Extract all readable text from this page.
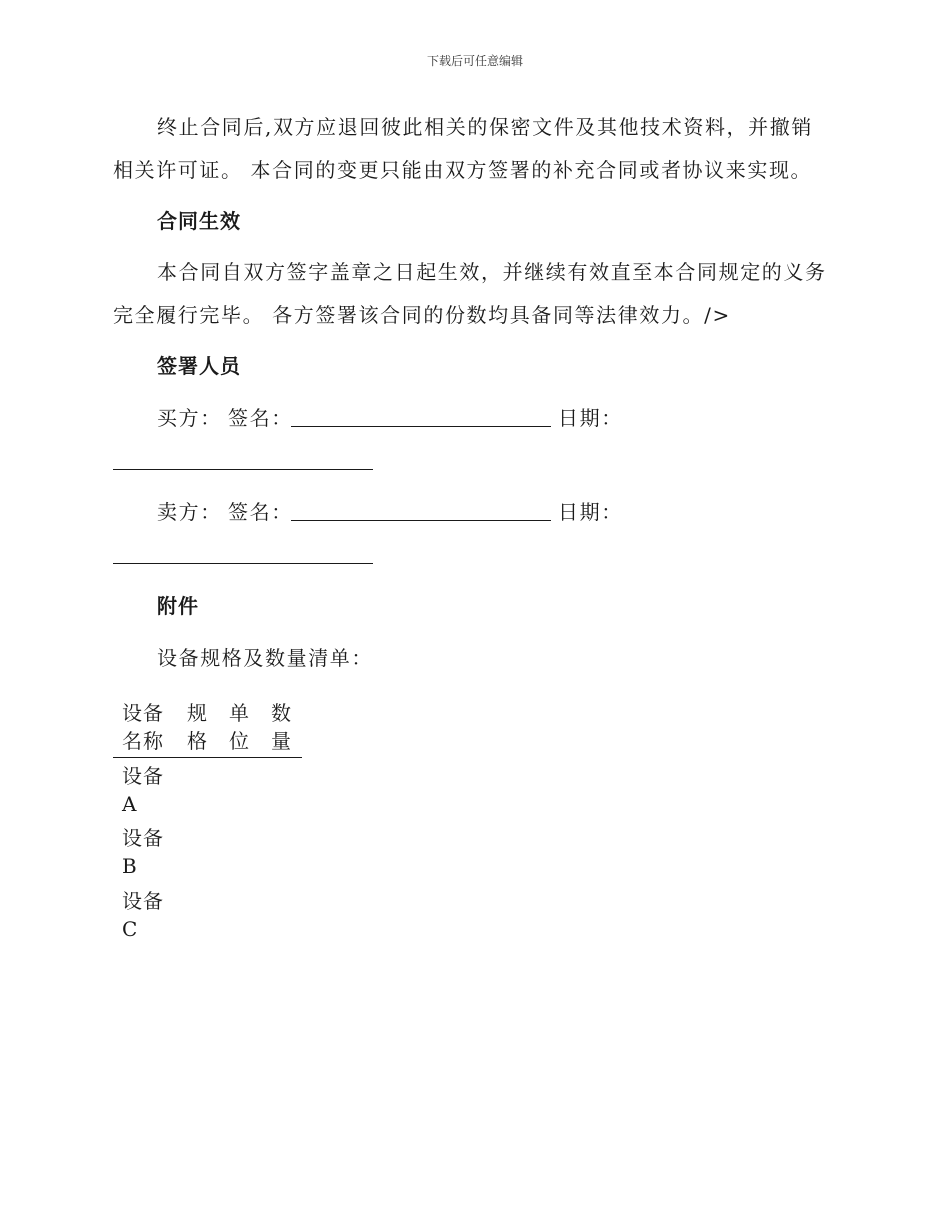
下载后可任意编辑

终止合同后,双方应退回彼此相关的保密文件及其他技术资料，并撤销相关许可证。 本合同的变更只能由双方签署的补充合同或者协议来实现。

合同生效

本合同自双方签字盖章之日起生效，并继续有效直至本合同规定的义务完全履行完毕。 各方签署该合同的份数均具备同等法律效力。/>

签署人员

买方： 签名：	日期：
卖方： 签名：	日期：

附件

设备规格及数量清单：
设备
名称
规
格
单
位
数
量
设备
A
设备
B
设备
C
